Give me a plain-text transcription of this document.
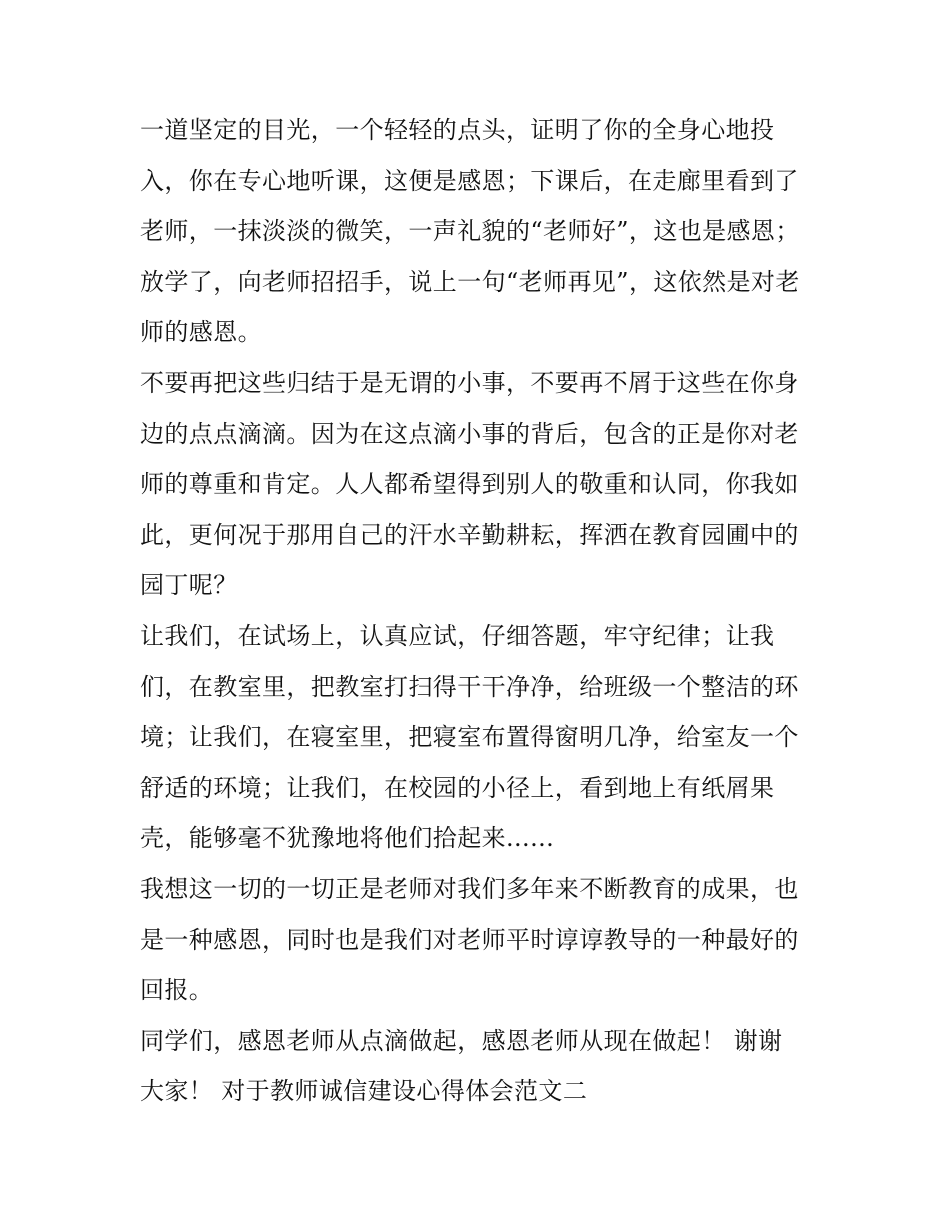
一道坚定的目光，一个轻轻的点头，证明了你的全身心地投
入，你在专心地听课，这便是感恩；下课后，在走廊里看到了
老师，一抹淡淡的微笑，一声礼貌的“老师好”，这也是感恩；
放学了，向老师招招手，说上一句“老师再见”，这依然是对老
师的感恩。
不要再把这些归结于是无谓的小事，不要再不屑于这些在你身
边的点点滴滴。因为在这点滴小事的背后，包含的正是你对老
师的尊重和肯定。人人都希望得到别人的敬重和认同，你我如
此，更何况于那用自己的汗水辛勤耕耘，挥洒在教育园圃中的
园丁呢？
让我们，在试场上，认真应试，仔细答题，牢守纪律；让我
们，在教室里，把教室打扫得干干净净，给班级一个整洁的环
境；让我们，在寝室里，把寝室布置得窗明几净，给室友一个
舒适的环境；让我们，在校园的小径上，看到地上有纸屑果
壳，能够毫不犹豫地将他们拾起来......
我想这一切的一切正是老师对我们多年来不断教育的成果，也
是一种感恩，同时也是我们对老师平时谆谆教导的一种最好的
回报。
同学们，感恩老师从点滴做起，感恩老师从现在做起！ 谢谢
大家！ 对于教师诚信建设心得体会范文二
